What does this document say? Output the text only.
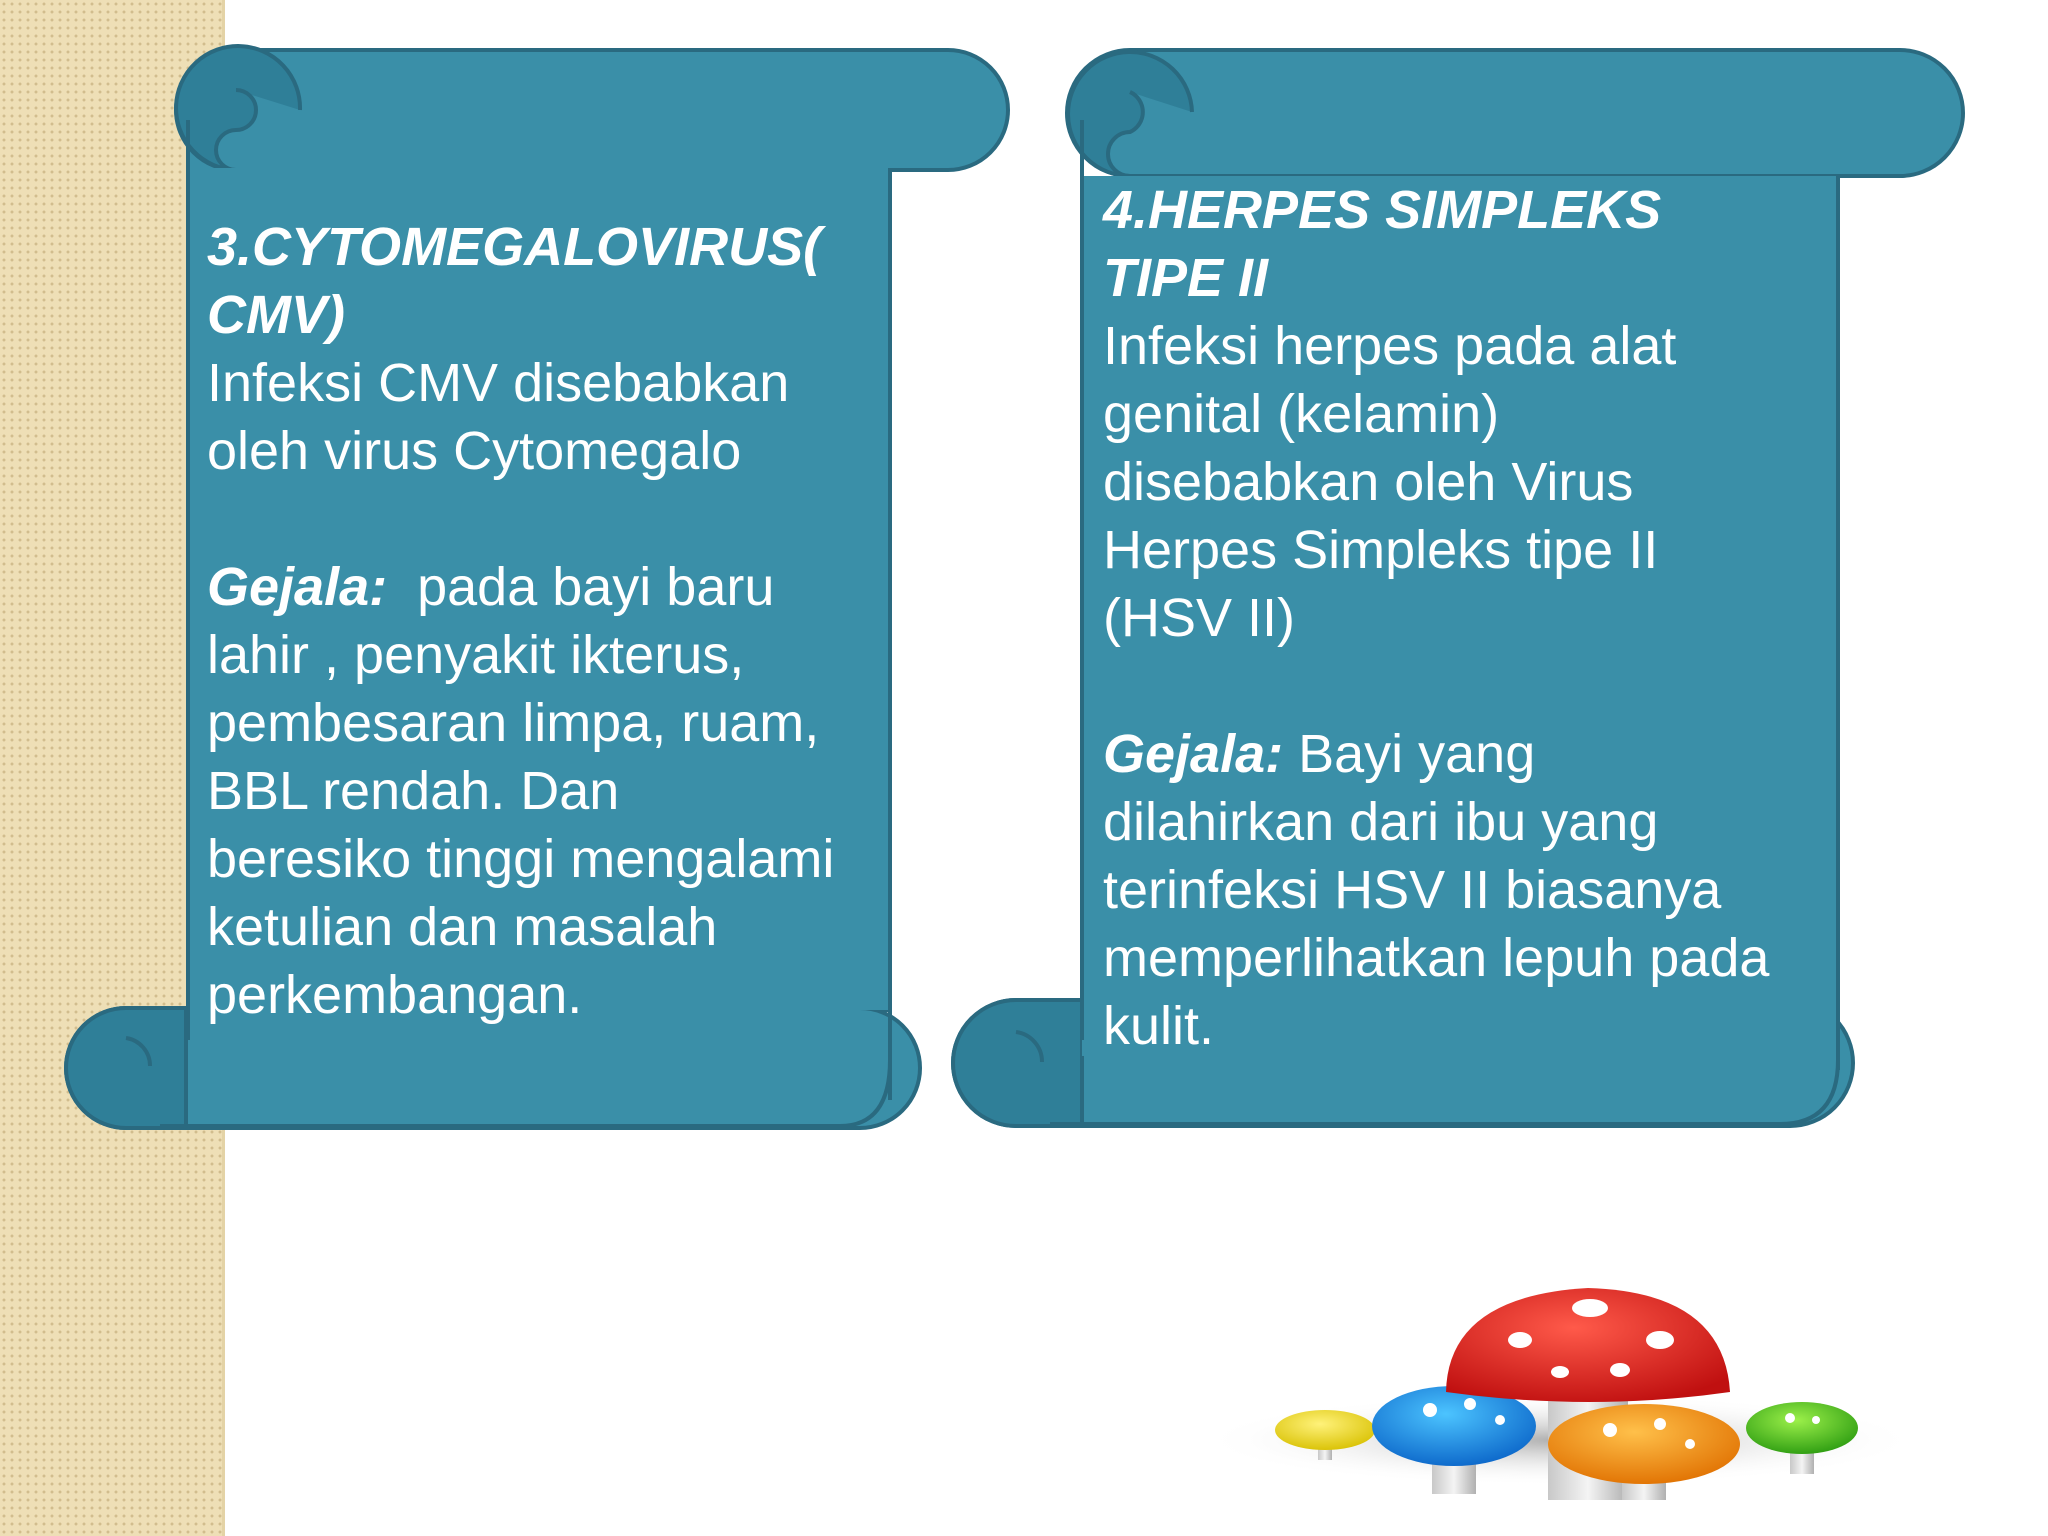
3.CYTOMEGALOVIRUS(
CMV)
Infeksi CMV disebabkan
oleh virus Cytomegalo
Gejala:  pada bayi baru
lahir , penyakit ikterus,
pembesaran limpa, ruam,
BBL rendah. Dan
beresiko tinggi mengalami
ketulian dan masalah
perkembangan.
4.HERPES SIMPLEKS
TIPE II
Infeksi herpes pada alat
genital (kelamin)
disebabkan oleh Virus
Herpes Simpleks tipe II
(HSV II)
Gejala: Bayi yang
dilahirkan dari ibu yang
terinfeksi HSV II biasanya
memperlihatkan lepuh pada
kulit.
